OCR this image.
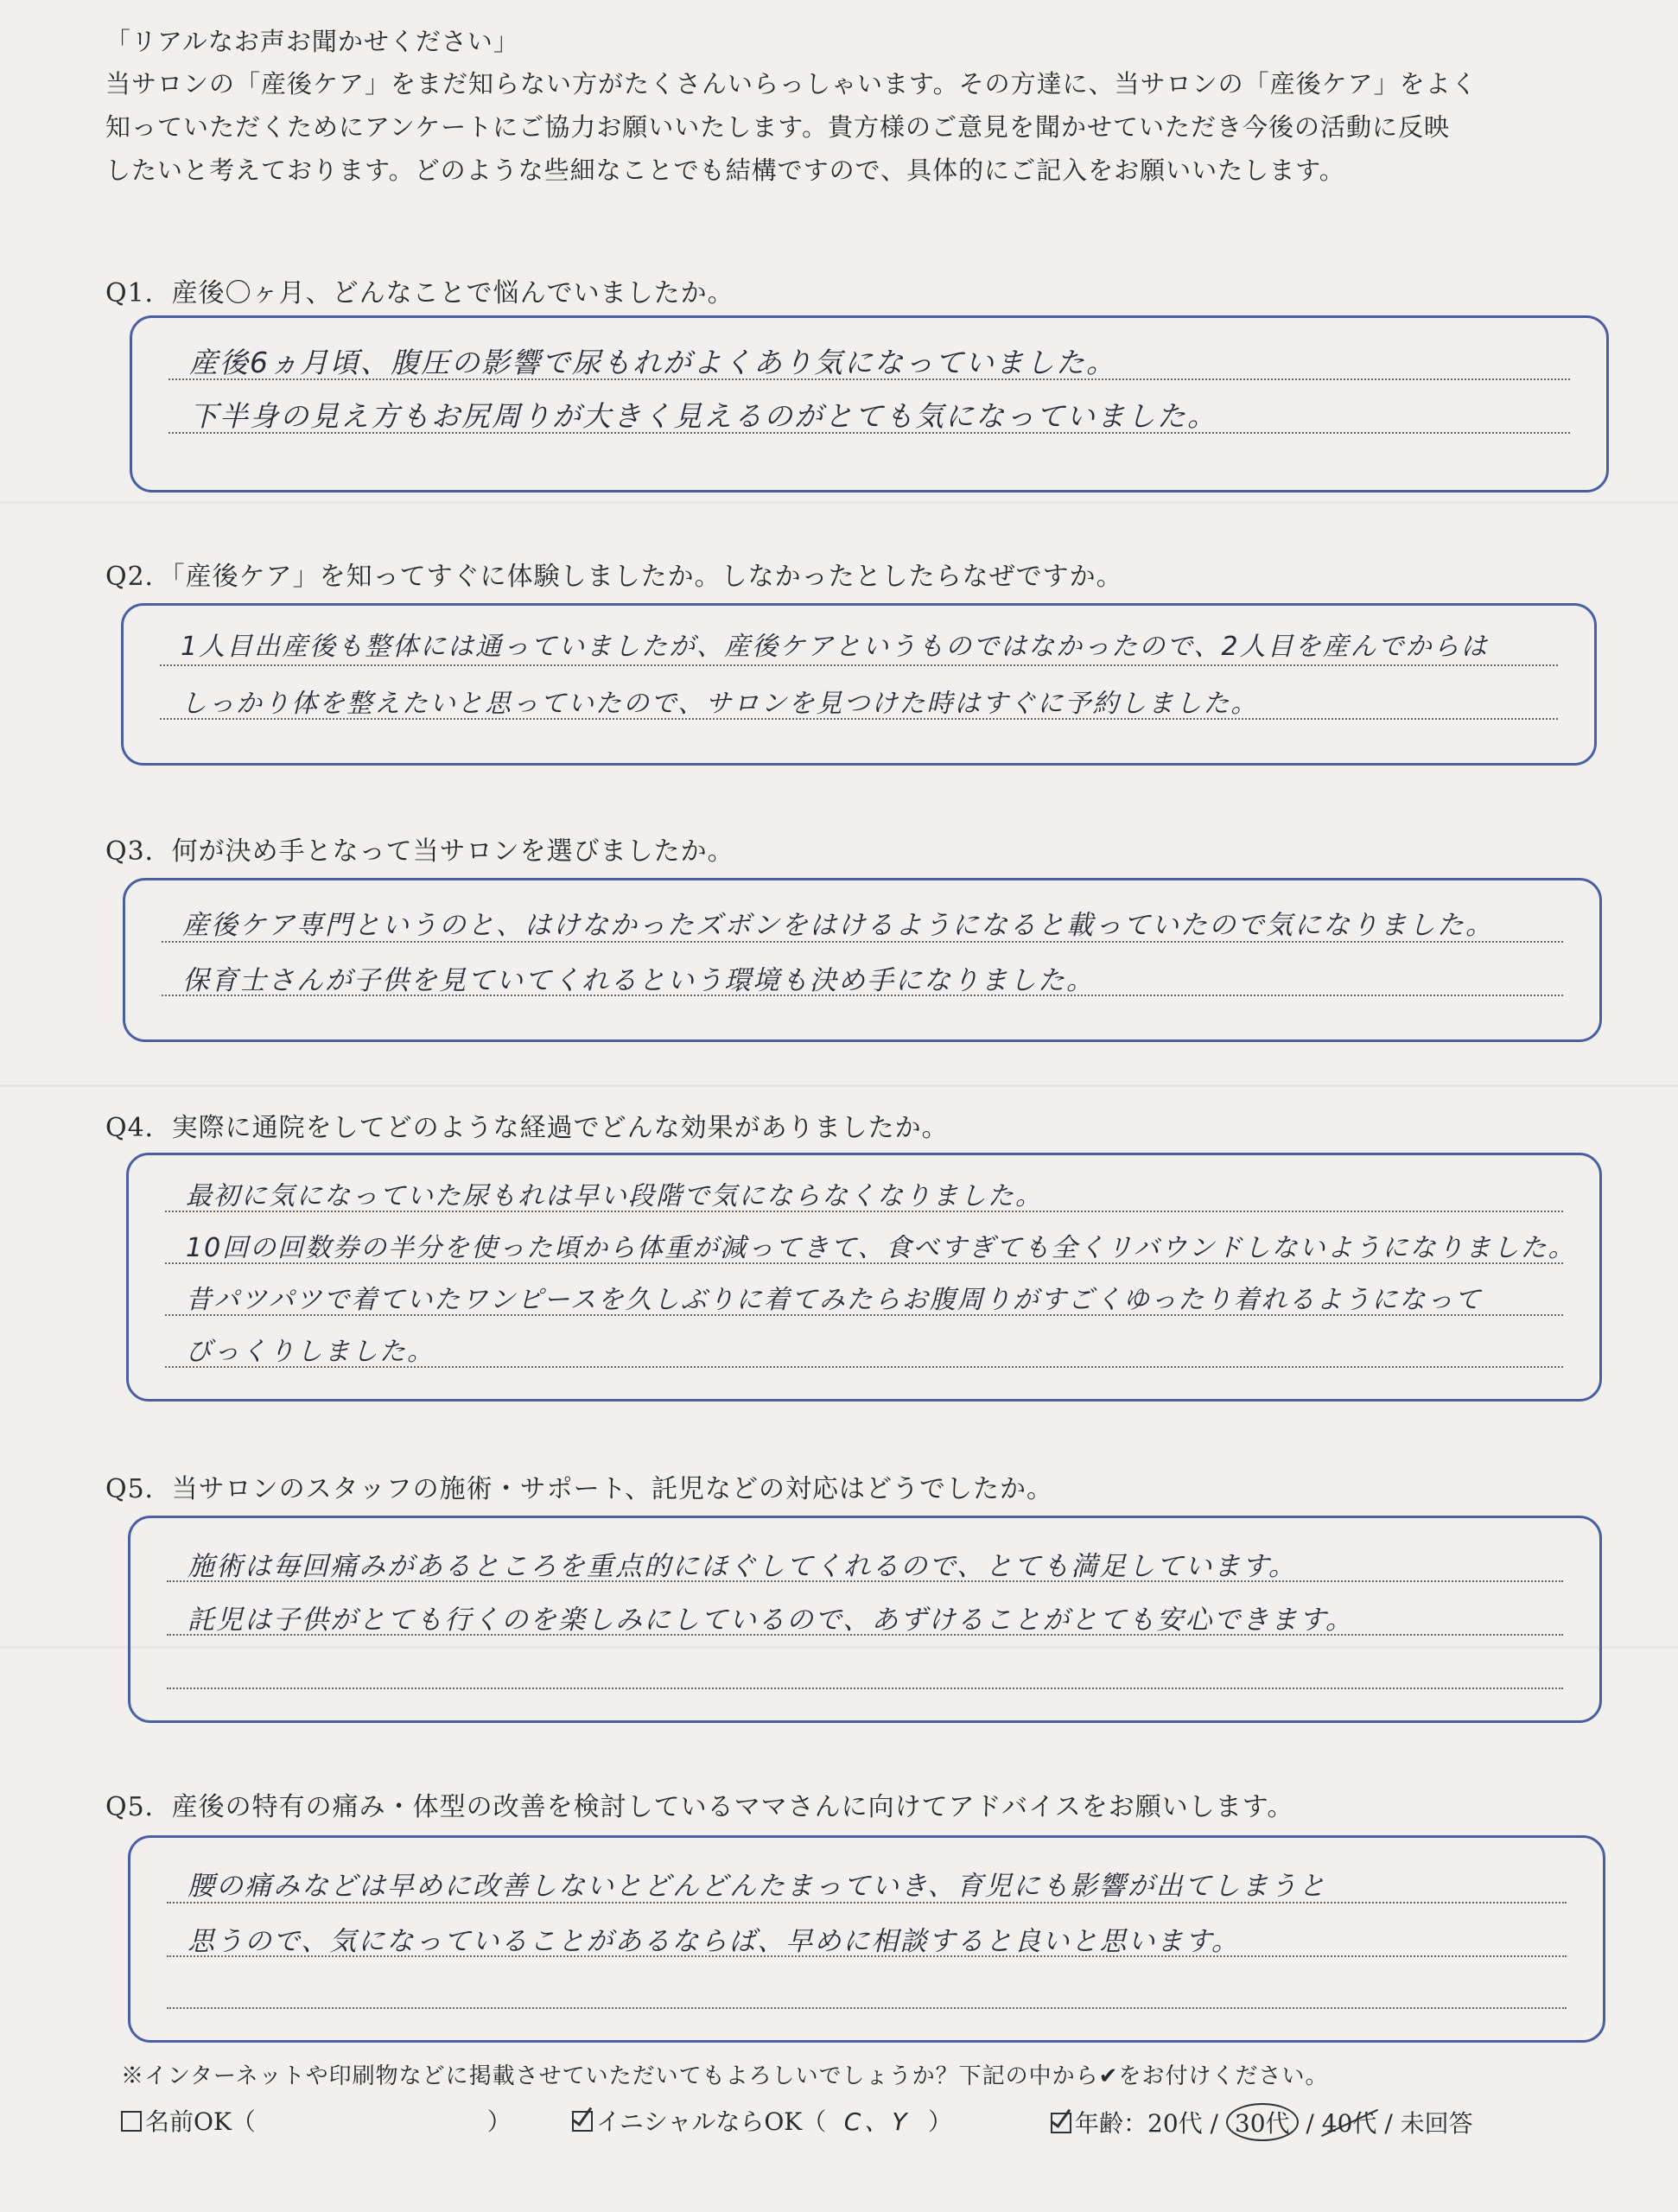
「リアルなお声お聞かせください」

当サロンの「産後ケア」をまだ知らない方がたくさんいらっしゃいます。その方達に、当サロンの「産後ケア」をよく

知っていただくためにアンケートにご協力お願いいたします。貴方様のご意見を聞かせていただき今後の活動に反映

したいと考えております。どのような些細なことでも結構ですので、具体的にご記入をお願いいたします。

Q1．産後〇ヶ月、どんなことで悩んでいましたか。
産後6ヵ月頃、腹圧の影響で尿もれがよくあり気になっていました。
下半身の見え方もお尻周りが大きく見えるのがとても気になっていました。
Q2．「産後ケア」を知ってすぐに体験しましたか。しなかったとしたらなぜですか。
1人目出産後も整体には通っていましたが、産後ケアというものではなかったので、2人目を産んでからは
しっかり体を整えたいと思っていたので、サロンを見つけた時はすぐに予約しました。
Q3．何が決め手となって当サロンを選びましたか。
産後ケア専門というのと、はけなかったズボンをはけるようになると載っていたので気になりました。
保育士さんが子供を見ていてくれるという環境も決め手になりました。
Q4．実際に通院をしてどのような経過でどんな効果がありましたか。
最初に気になっていた尿もれは早い段階で気にならなくなりました。
10回の回数券の半分を使った頃から体重が減ってきて、食べすぎても全くリバウンドしないようになりました。
昔パツパツで着ていたワンピースを久しぶりに着てみたらお腹周りがすごくゆったり着れるようになって
びっくりしました。
Q5．当サロンのスタッフの施術・サポート、託児などの対応はどうでしたか。
施術は毎回痛みがあるところを重点的にほぐしてくれるので、とても満足しています。
託児は子供がとても行くのを楽しみにしているので、あずけることがとても安心できます。
Q5．産後の特有の痛み・体型の改善を検討しているママさんに向けてアドバイスをお願いします。
腰の痛みなどは早めに改善しないとどんどんたまっていき、育児にも影響が出てしまうと
思うので、気になっていることがあるならば、早めに相談すると良いと思います。
※インターネットや印刷物などに掲載させていただいてもよろしいでしょうか？下記の中から✔をお付けください。
名前OK（	）	イニシャルならOK（ C、Y ）	年齢：20代 / 30代 / 40代 / 未回答
